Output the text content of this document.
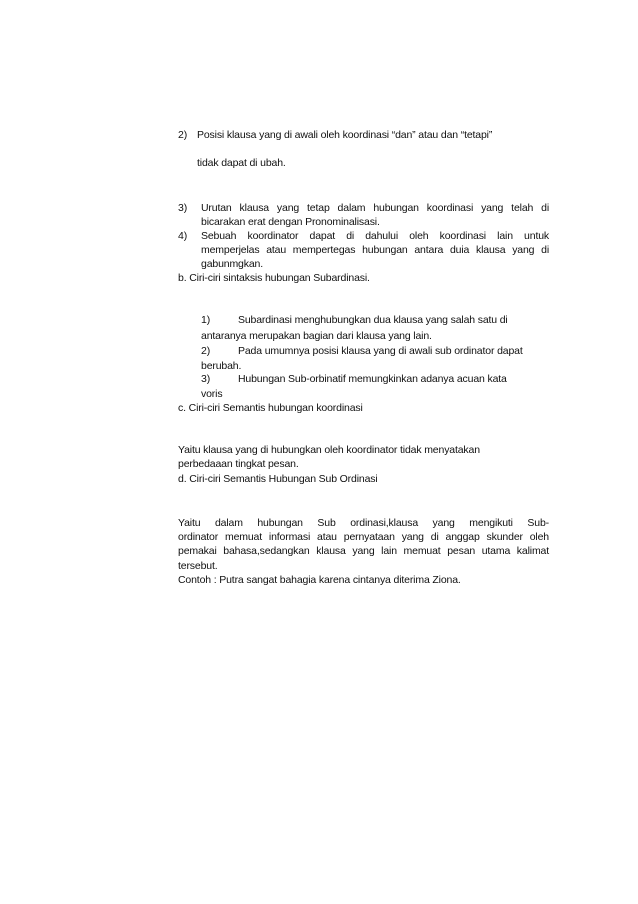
2) Posisi klausa yang di awali oleh koordinasi “dan” atau dan “tetapi”
tidak dapat di ubah.
3) Urutan klausa yang tetap dalam hubungan koordinasi yang telah di
bicarakan erat dengan Pronominalisasi.
4) Sebuah koordinator dapat di dahului oleh koordinasi lain untuk
memperjelas atau mempertegas hubungan antara duia klausa yang di
gabunmgkan.
b. Ciri-ciri sintaksis hubungan Subardinasi.
1)	Subardinasi menghubungkan dua klausa yang salah satu di
antaranya merupakan bagian dari klausa yang lain.
2)	Pada umumnya posisi klausa yang di awali sub ordinator dapat
berubah.
3)	Hubungan Sub-orbinatif memungkinkan adanya acuan kata
voris
c. Ciri-ciri Semantis hubungan koordinasi
Yaitu klausa yang di hubungkan oleh koordinator tidak menyatakan
perbedaaan tingkat pesan.
d. Ciri-ciri Semantis Hubungan Sub Ordinasi
Yaitu dalam hubungan Sub ordinasi,klausa yang mengikuti Sub-
ordinator memuat informasi atau pernyataan yang di anggap skunder oleh
pemakai bahasa,sedangkan klausa yang lain memuat pesan utama kalimat
tersebut.
Contoh : Putra sangat bahagia karena cintanya diterima Ziona.
